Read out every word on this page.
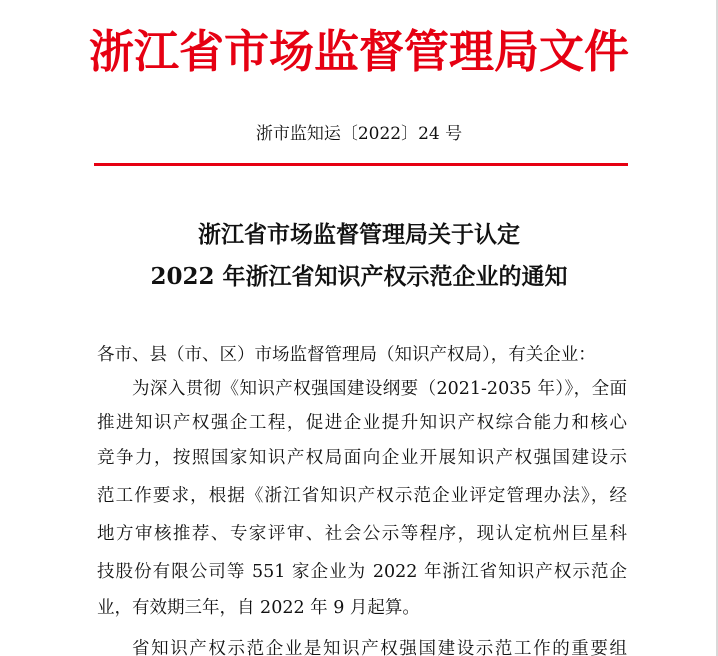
浙江省市场监督管理局文件
浙市监知运〔2022〕24 号
浙江省市场监督管理局关于认定
2022 年浙江省知识产权示范企业的通知
各市、县（市、区）市场监督管理局（知识产权局），有关企业：
为深入贯彻《知识产权强国建设纲要（2021-2035 年）》，全面
推进知识产权强企工程，促进企业提升知识产权综合能力和核心
竞争力，按照国家知识产权局面向企业开展知识产权强国建设示
范工作要求，根据《浙江省知识产权示范企业评定管理办法》，经
地方审核推荐、专家评审、社会公示等程序，现认定杭州巨星科
技股份有限公司等 551 家企业为 2022 年浙江省知识产权示范企
业，有效期三年，自 2022 年 9 月起算。
省知识产权示范企业是知识产权强国建设示范工作的重要组
